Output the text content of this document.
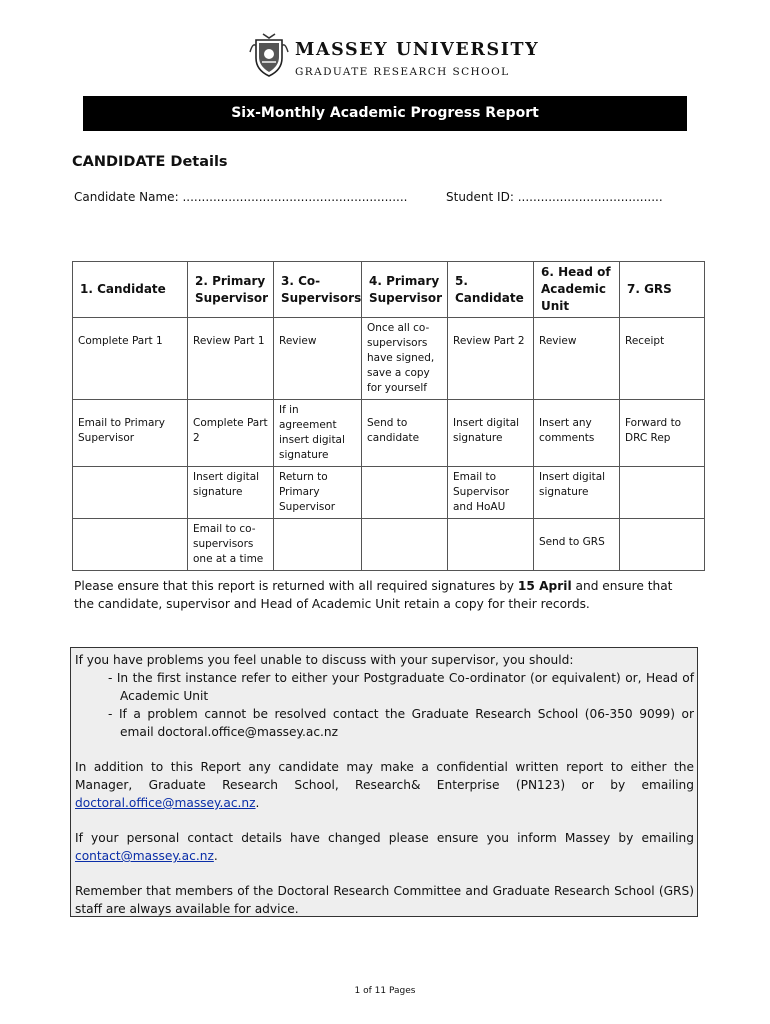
MASSEY UNIVERSITY
GRADUATE RESEARCH SCHOOL
Six-Monthly Academic Progress Report
CANDIDATE Details
Candidate Name: ...........................................................	Student ID: ......................................
1. Candidate	2. Primary Supervisor	3. Co-Supervisors	4. Primary Supervisor	5. Candidate	6. Head of Academic Unit	7. GRS
Complete Part 1	Review Part 1	Review	Once all co-supervisors have signed, save a copy for yourself	Review Part 2	Review	Receipt
Email to Primary Supervisor	Complete Part 2	If in agreement insert digital signature	Send to candidate	Insert digital signature	Insert any comments	Forward to DRC Rep
	Insert digital signature	Return to Primary Supervisor		Email to Supervisor and HoAU	Insert digital signature	
	Email to co-supervisors one at a time				Send to GRS	
Please ensure that this report is returned with all required signatures by 15 April and ensure that the candidate, supervisor and Head of Academic Unit retain a copy for their records.

If you have problems you feel unable to discuss with your supervisor, you should:

- In the first instance refer to either your Postgraduate Co-ordinator (or equivalent) or, Head of Academic Unit

- If a problem cannot be resolved contact the Graduate Research School (06-350 9099) or email doctoral.office@massey.ac.nz

In addition to this Report any candidate may make a confidential written report to either the Manager, Graduate Research School, Research& Enterprise (PN123) or by emailing doctoral.office@massey.ac.nz.

If your personal contact details have changed please ensure you inform Massey by emailing contact@massey.ac.nz.

Remember that members of the Doctoral Research Committee and Graduate Research School (GRS) staff are always available for advice.

1 of 11 Pages
